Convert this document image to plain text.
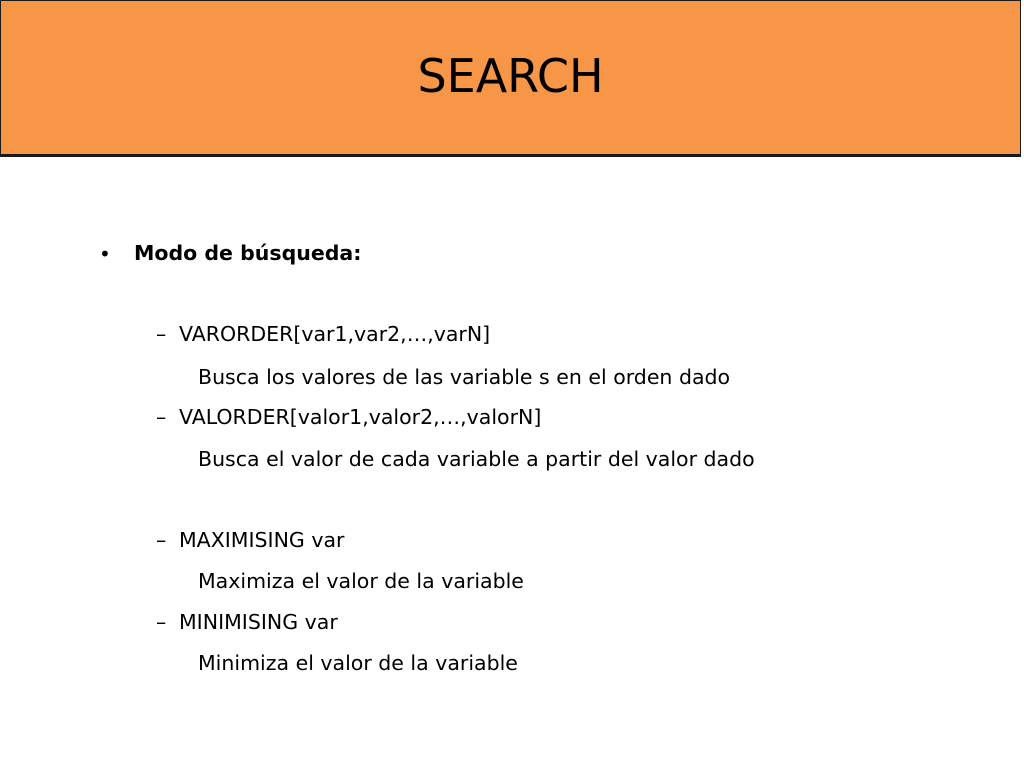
SEARCH
• Modo de búsqueda:
– VARORDER[var1,var2,…,varN]
Busca los valores de las variable s en el orden dado
– VALORDER[valor1,valor2,…,valorN]
Busca el valor de cada variable a partir del valor dado
– MAXIMISING var
Maximiza el valor de la variable
– MINIMISING var
Minimiza el valor de la variable
